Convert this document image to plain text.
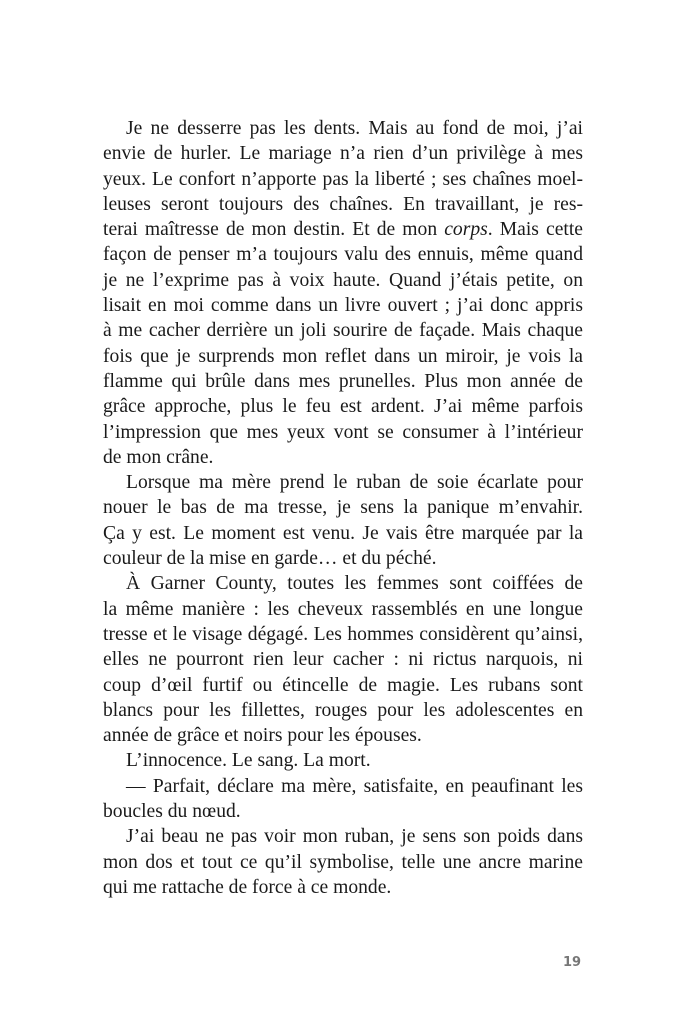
Je ne desserre pas les dents. Mais au fond de moi, j’ai
envie de hurler. Le mariage n’a rien d’un privilège à mes
yeux. Le confort n’apporte pas la liberté ; ses chaînes moel-
leuses seront toujours des chaînes. En travaillant, je res-
terai maîtresse de mon destin. Et de mon corps. Mais cette
façon de penser m’a toujours valu des ennuis, même quand
je ne l’exprime pas à voix haute. Quand j’étais petite, on
lisait en moi comme dans un livre ouvert ; j’ai donc appris
à me cacher derrière un joli sourire de façade. Mais chaque
fois que je surprends mon reflet dans un miroir, je vois la
flamme qui brûle dans mes prunelles. Plus mon année de
grâce approche, plus le feu est ardent. J’ai même parfois
l’impression que mes yeux vont se consumer à l’intérieur
de mon crâne.
Lorsque ma mère prend le ruban de soie écarlate pour
nouer le bas de ma tresse, je sens la panique m’envahir.
Ça y est. Le moment est venu. Je vais être marquée par la
couleur de la mise en garde… et du péché.
À Garner County, toutes les femmes sont coiffées de
la même manière : les cheveux rassemblés en une longue
tresse et le visage dégagé. Les hommes considèrent qu’ainsi,
elles ne pourront rien leur cacher : ni rictus narquois, ni
coup d’œil furtif ou étincelle de magie. Les rubans sont
blancs pour les fillettes, rouges pour les adolescentes en
année de grâce et noirs pour les épouses.
L’innocence. Le sang. La mort.
— Parfait, déclare ma mère, satisfaite, en peaufinant les
boucles du nœud.
J’ai beau ne pas voir mon ruban, je sens son poids dans
mon dos et tout ce qu’il symbolise, telle une ancre marine
qui me rattache de force à ce monde.
19
